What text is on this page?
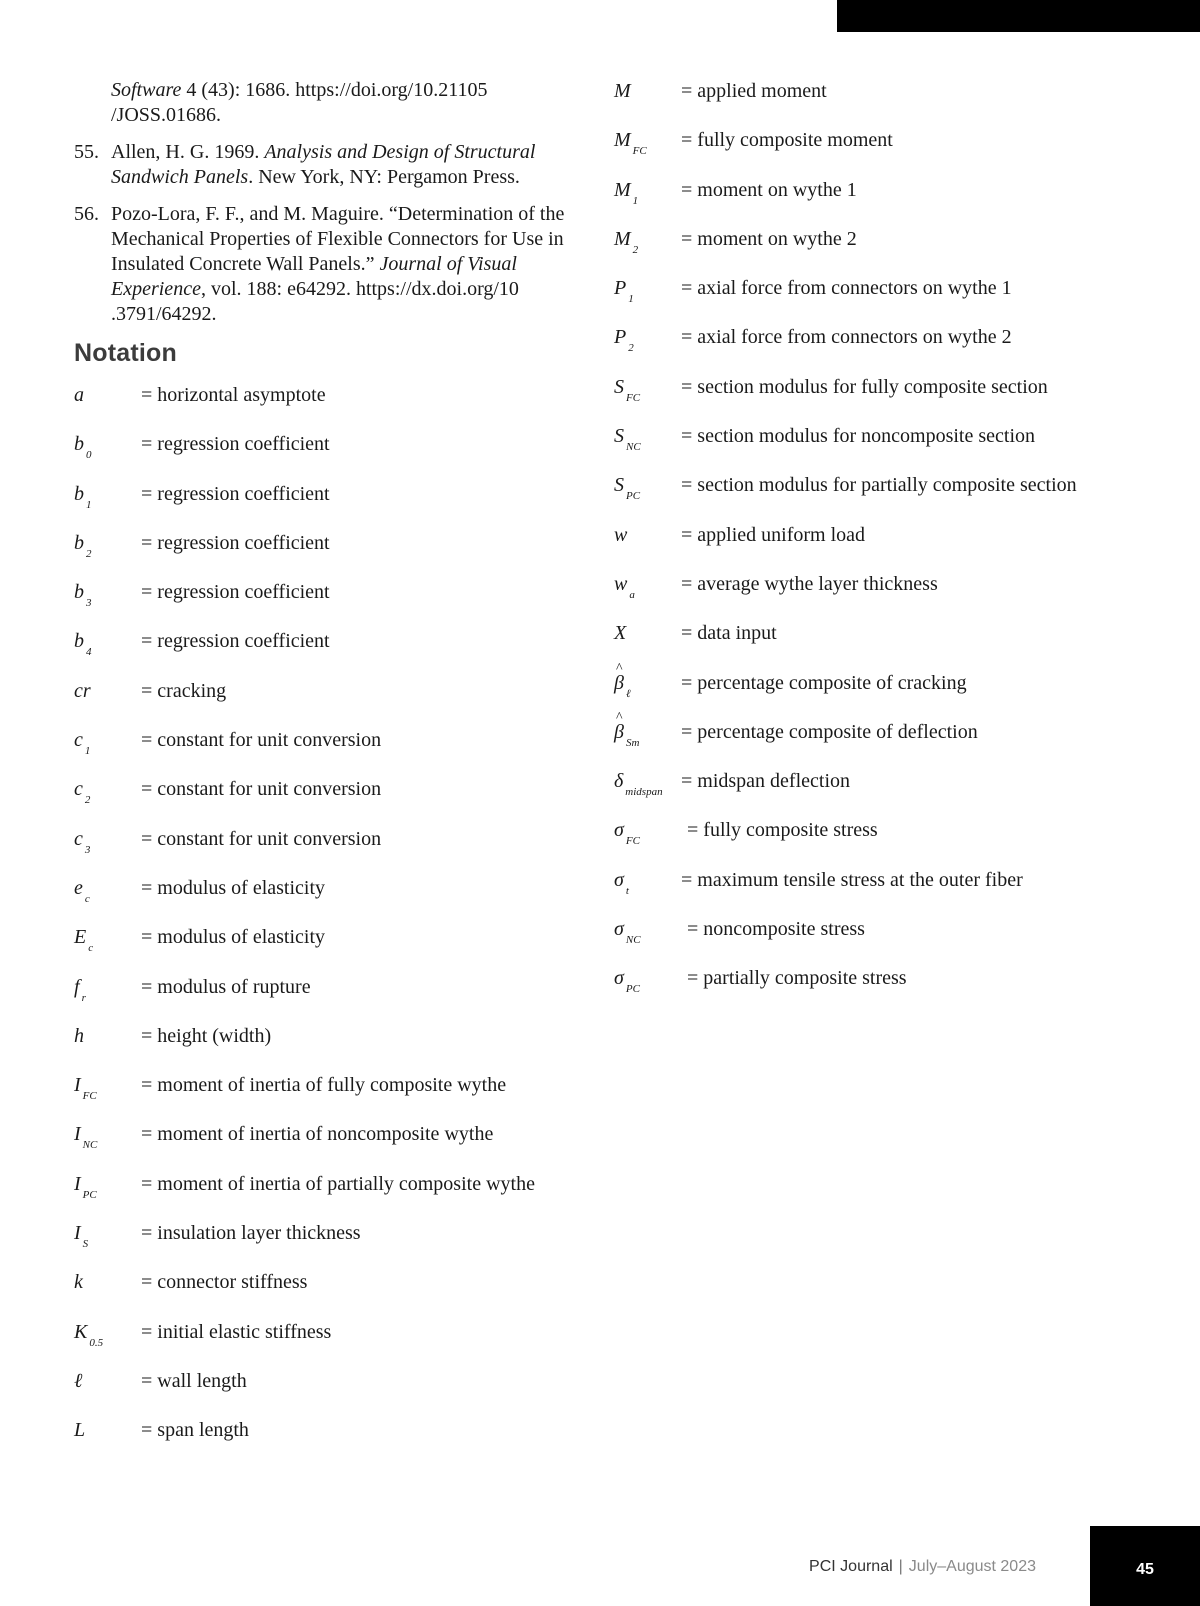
Software 4 (43): 1686. https://doi.org/10.21105 /JOSS.01686.
55. Allen, H. G. 1969. Analysis and Design of Structural Sandwich Panels. New York, NY: Pergamon Press.
56. Pozo-Lora, F. F., and M. Maguire. “Determination of the Mechanical Properties of Flexible Connectors for Use in Insulated Concrete Wall Panels.” Journal of Visual Experience, vol. 188: e64292. https://dx.doi.org/10 .3791/64292.
Notation
a	= horizontal asymptote
b $_0$ = regression coefficient
b $_1$ = regression coefficient
b $_2$ = regression coefficient
b $_3$ = regression coefficient
b $_4$ = regression coefficient
cr	= cracking
c $_1$	= constant for unit conversion
c $_2$	= constant for unit conversion
c $_3$	= constant for unit conversion
e $_c$	= modulus of elasticity
E $_c$ = modulus of elasticity
f $_r$	= modulus of rupture
h	= height (width)
I $_{FC}$ = moment of inertia of fully composite wythe
I $_{NC}$ = moment of inertia of noncomposite wythe
I $_{PC}$ = moment of inertia of partially composite wythe
I $_S$	= insulation layer thickness
k	= connector stiffness
K $_{0.5}$ = initial elastic stiffness
ℓ	= wall length
L	= span length
M	= applied moment
M $_{FC}$ = fully composite moment
M $_1$ = moment on wythe 1
M $_2$ = moment on wythe 2
P $_1$ = axial force from connectors on wythe 1
P $_2$ = axial force from connectors on wythe 2
S $_{FC}$ = section modulus for fully composite section
S $_{NC}$ = section modulus for noncomposite section
S $_{PC}$ = section modulus for partially composite section
w	= applied uniform load
w $_a$ = average wythe layer thickness
X	= data input
^ β $_\ell$	= percentage composite of cracking
^ β $_{Sm}$ = percentage composite of deflection
δ $_{midspan}$ = midspan deflection
σ $_{FC}$ = fully composite stress
σ $_t$	= maximum tensile stress at the outer fiber
σ $_{NC}$ = noncomposite stress
σ $_{PC}$ = partially composite stress
PCI Journal | July–August 2023	45
